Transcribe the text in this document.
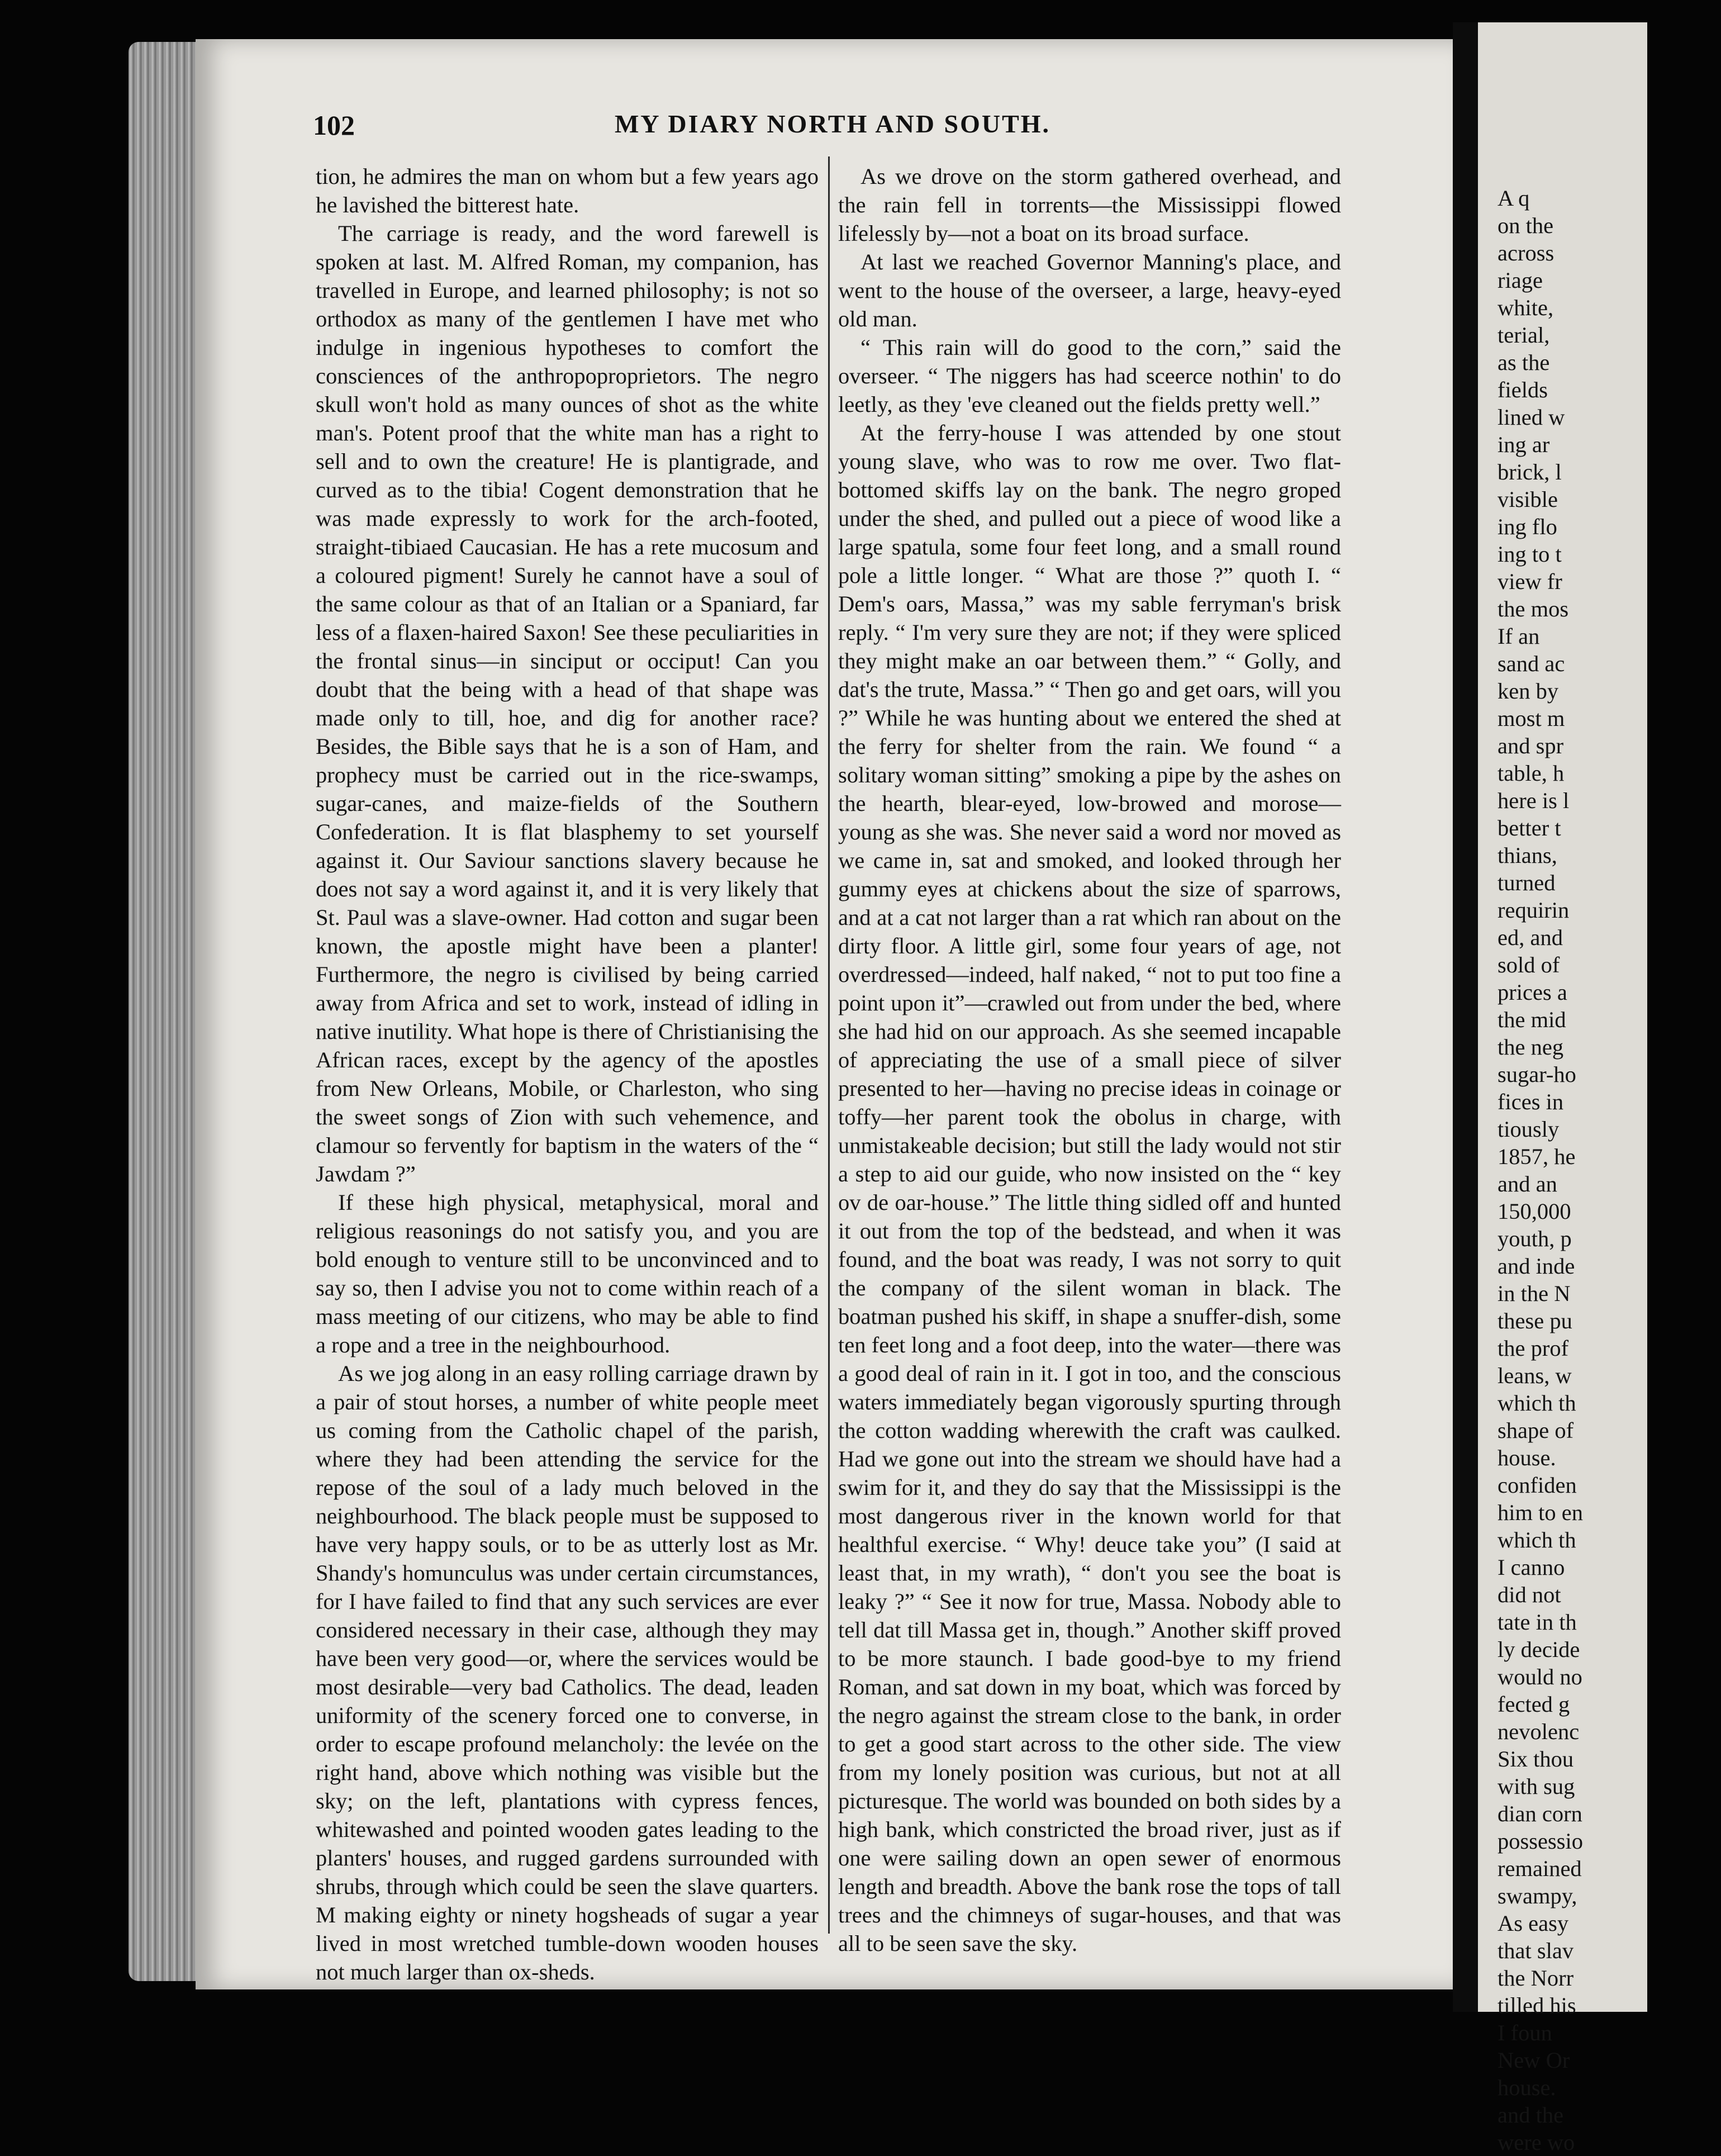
102	MY DIARY NORTH AND SOUTH.

tion, he admires the man on whom but a few years ago he lavished the bitterest hate.

The carriage is ready, and the word farewell is spoken at last. M. Alfred Roman, my companion, has travelled in Europe, and learned philosophy; is not so orthodox as many of the gentlemen I have met who indulge in ingenious hypotheses to comfort the consciences of the anthropoproprietors. The negro skull won't hold as many ounces of shot as the white man's. Potent proof that the white man has a right to sell and to own the creature! He is plantigrade, and curved as to the tibia! Cogent demonstration that he was made expressly to work for the arch-footed, straight-tibiaed Caucasian. He has a rete mucosum and a coloured pigment! Surely he cannot have a soul of the same colour as that of an Italian or a Spaniard, far less of a flaxen-haired Saxon! See these peculiarities in the frontal sinus—in sinciput or occiput! Can you doubt that the being with a head of that shape was made only to till, hoe, and dig for another race? Besides, the Bible says that he is a son of Ham, and prophecy must be carried out in the rice-swamps, sugar-canes, and maize-fields of the Southern Confederation. It is flat blasphemy to set yourself against it. Our Saviour sanctions slavery because he does not say a word against it, and it is very likely that St. Paul was a slave-owner. Had cotton and sugar been known, the apostle might have been a planter! Furthermore, the negro is civilised by being carried away from Africa and set to work, instead of idling in native inutility. What hope is there of Christianising the African races, except by the agency of the apostles from New Orleans, Mobile, or Charleston, who sing the sweet songs of Zion with such vehemence, and clamour so fervently for baptism in the waters of the “ Jawdam ?”

If these high physical, metaphysical, moral and religious reasonings do not satisfy you, and you are bold enough to venture still to be unconvinced and to say so, then I advise you not to come within reach of a mass meeting of our citizens, who may be able to find a rope and a tree in the neighbourhood.

As we jog along in an easy rolling carriage drawn by a pair of stout horses, a number of white people meet us coming from the Catholic chapel of the parish, where they had been attending the service for the repose of the soul of a lady much beloved in the neighbourhood. The black people must be supposed to have very happy souls, or to be as utterly lost as Mr. Shandy's homunculus was under certain circumstances, for I have failed to find that any such services are ever considered necessary in their case, although they may have been very good—or, where the services would be most desirable—very bad Catholics. The dead, leaden uniformity of the scenery forced one to converse, in order to escape profound melancholy: the levée on the right hand, above which nothing was visible but the sky; on the left, plantations with cypress fences, whitewashed and pointed wooden gates leading to the planters' houses, and rugged gardens surrounded with shrubs, through which could be seen the slave quarters. M making eighty or ninety hogsheads of sugar a year lived in most wretched tumble-down wooden houses not much larger than ox-sheds.

As we drove on the storm gathered overhead, and the rain fell in torrents—the Mississippi flowed lifelessly by—not a boat on its broad surface.

At last we reached Governor Manning's place, and went to the house of the overseer, a large, heavy-eyed old man.

“ This rain will do good to the corn,” said the overseer. “ The niggers has had sceerce nothin' to do leetly, as they 'eve cleaned out the fields pretty well.”

At the ferry-house I was attended by one stout young slave, who was to row me over. Two flat-bottomed skiffs lay on the bank. The negro groped under the shed, and pulled out a piece of wood like a large spatula, some four feet long, and a small round pole a little longer. “ What are those ?” quoth I. “ Dem's oars, Massa,” was my sable ferryman's brisk reply. “ I'm very sure they are not; if they were spliced they might make an oar between them.” “ Golly, and dat's the trute, Massa.” “ Then go and get oars, will you ?” While he was hunting about we entered the shed at the ferry for shelter from the rain. We found “ a solitary woman sitting” smoking a pipe by the ashes on the hearth, blear-eyed, low-browed and morose—young as she was. She never said a word nor moved as we came in, sat and smoked, and looked through her gummy eyes at chickens about the size of sparrows, and at a cat not larger than a rat which ran about on the dirty floor. A little girl, some four years of age, not overdressed—indeed, half naked, “ not to put too fine a point upon it”—crawled out from under the bed, where she had hid on our approach. As she seemed incapable of appreciating the use of a small piece of silver presented to her—having no precise ideas in coinage or toffy—her parent took the obolus in charge, with unmistakeable decision; but still the lady would not stir a step to aid our guide, who now insisted on the “ key ov de oar-house.” The little thing sidled off and hunted it out from the top of the bedstead, and when it was found, and the boat was ready, I was not sorry to quit the company of the silent woman in black. The boatman pushed his skiff, in shape a snuffer-dish, some ten feet long and a foot deep, into the water—there was a good deal of rain in it. I got in too, and the conscious waters immediately began vigorously spurting through the cotton wadding wherewith the craft was caulked. Had we gone out into the stream we should have had a swim for it, and they do say that the Mississippi is the most dangerous river in the known world for that healthful exercise. “ Why! deuce take you” (I said at least that, in my wrath), “ don't you see the boat is leaky ?” “ See it now for true, Massa. Nobody able to tell dat till Massa get in, though.” Another skiff proved to be more staunch. I bade good-bye to my friend Roman, and sat down in my boat, which was forced by the negro against the stream close to the bank, in order to get a good start across to the other side. The view from my lonely position was curious, but not at all picturesque. The world was bounded on both sides by a high bank, which constricted the broad river, just as if one were sailing down an open sewer of enormous length and breadth. Above the bank rose the tops of tall trees and the chimneys of sugar-houses, and that was all to be seen save the sky.

A q
on the
across
riage
white,
terial,
as the
fields
lined w
ing ar
brick, l
visible
ing flo
ing to t
view fr
the mos
If an
sand ac
ken by
most m
and spr
table, h
here is l
better t
thians,
turned
requirin
ed, and
sold of
prices a
the mid
the neg
sugar-ho
fices in
tiously
1857, he
and an
150,000
youth, p
and inde
in the N
these pu
the prof
leans, w
which th
shape of
house.
confiden
him to en
which th
I canno
did not
tate in th
ly decide
would no
fected g
nevolenc
Six thou
with sug
dian corn
possessio
remained
swampy,
As easy
that slav
the Norr
tilled his
I foun
New Or
house.
and the
were wo
